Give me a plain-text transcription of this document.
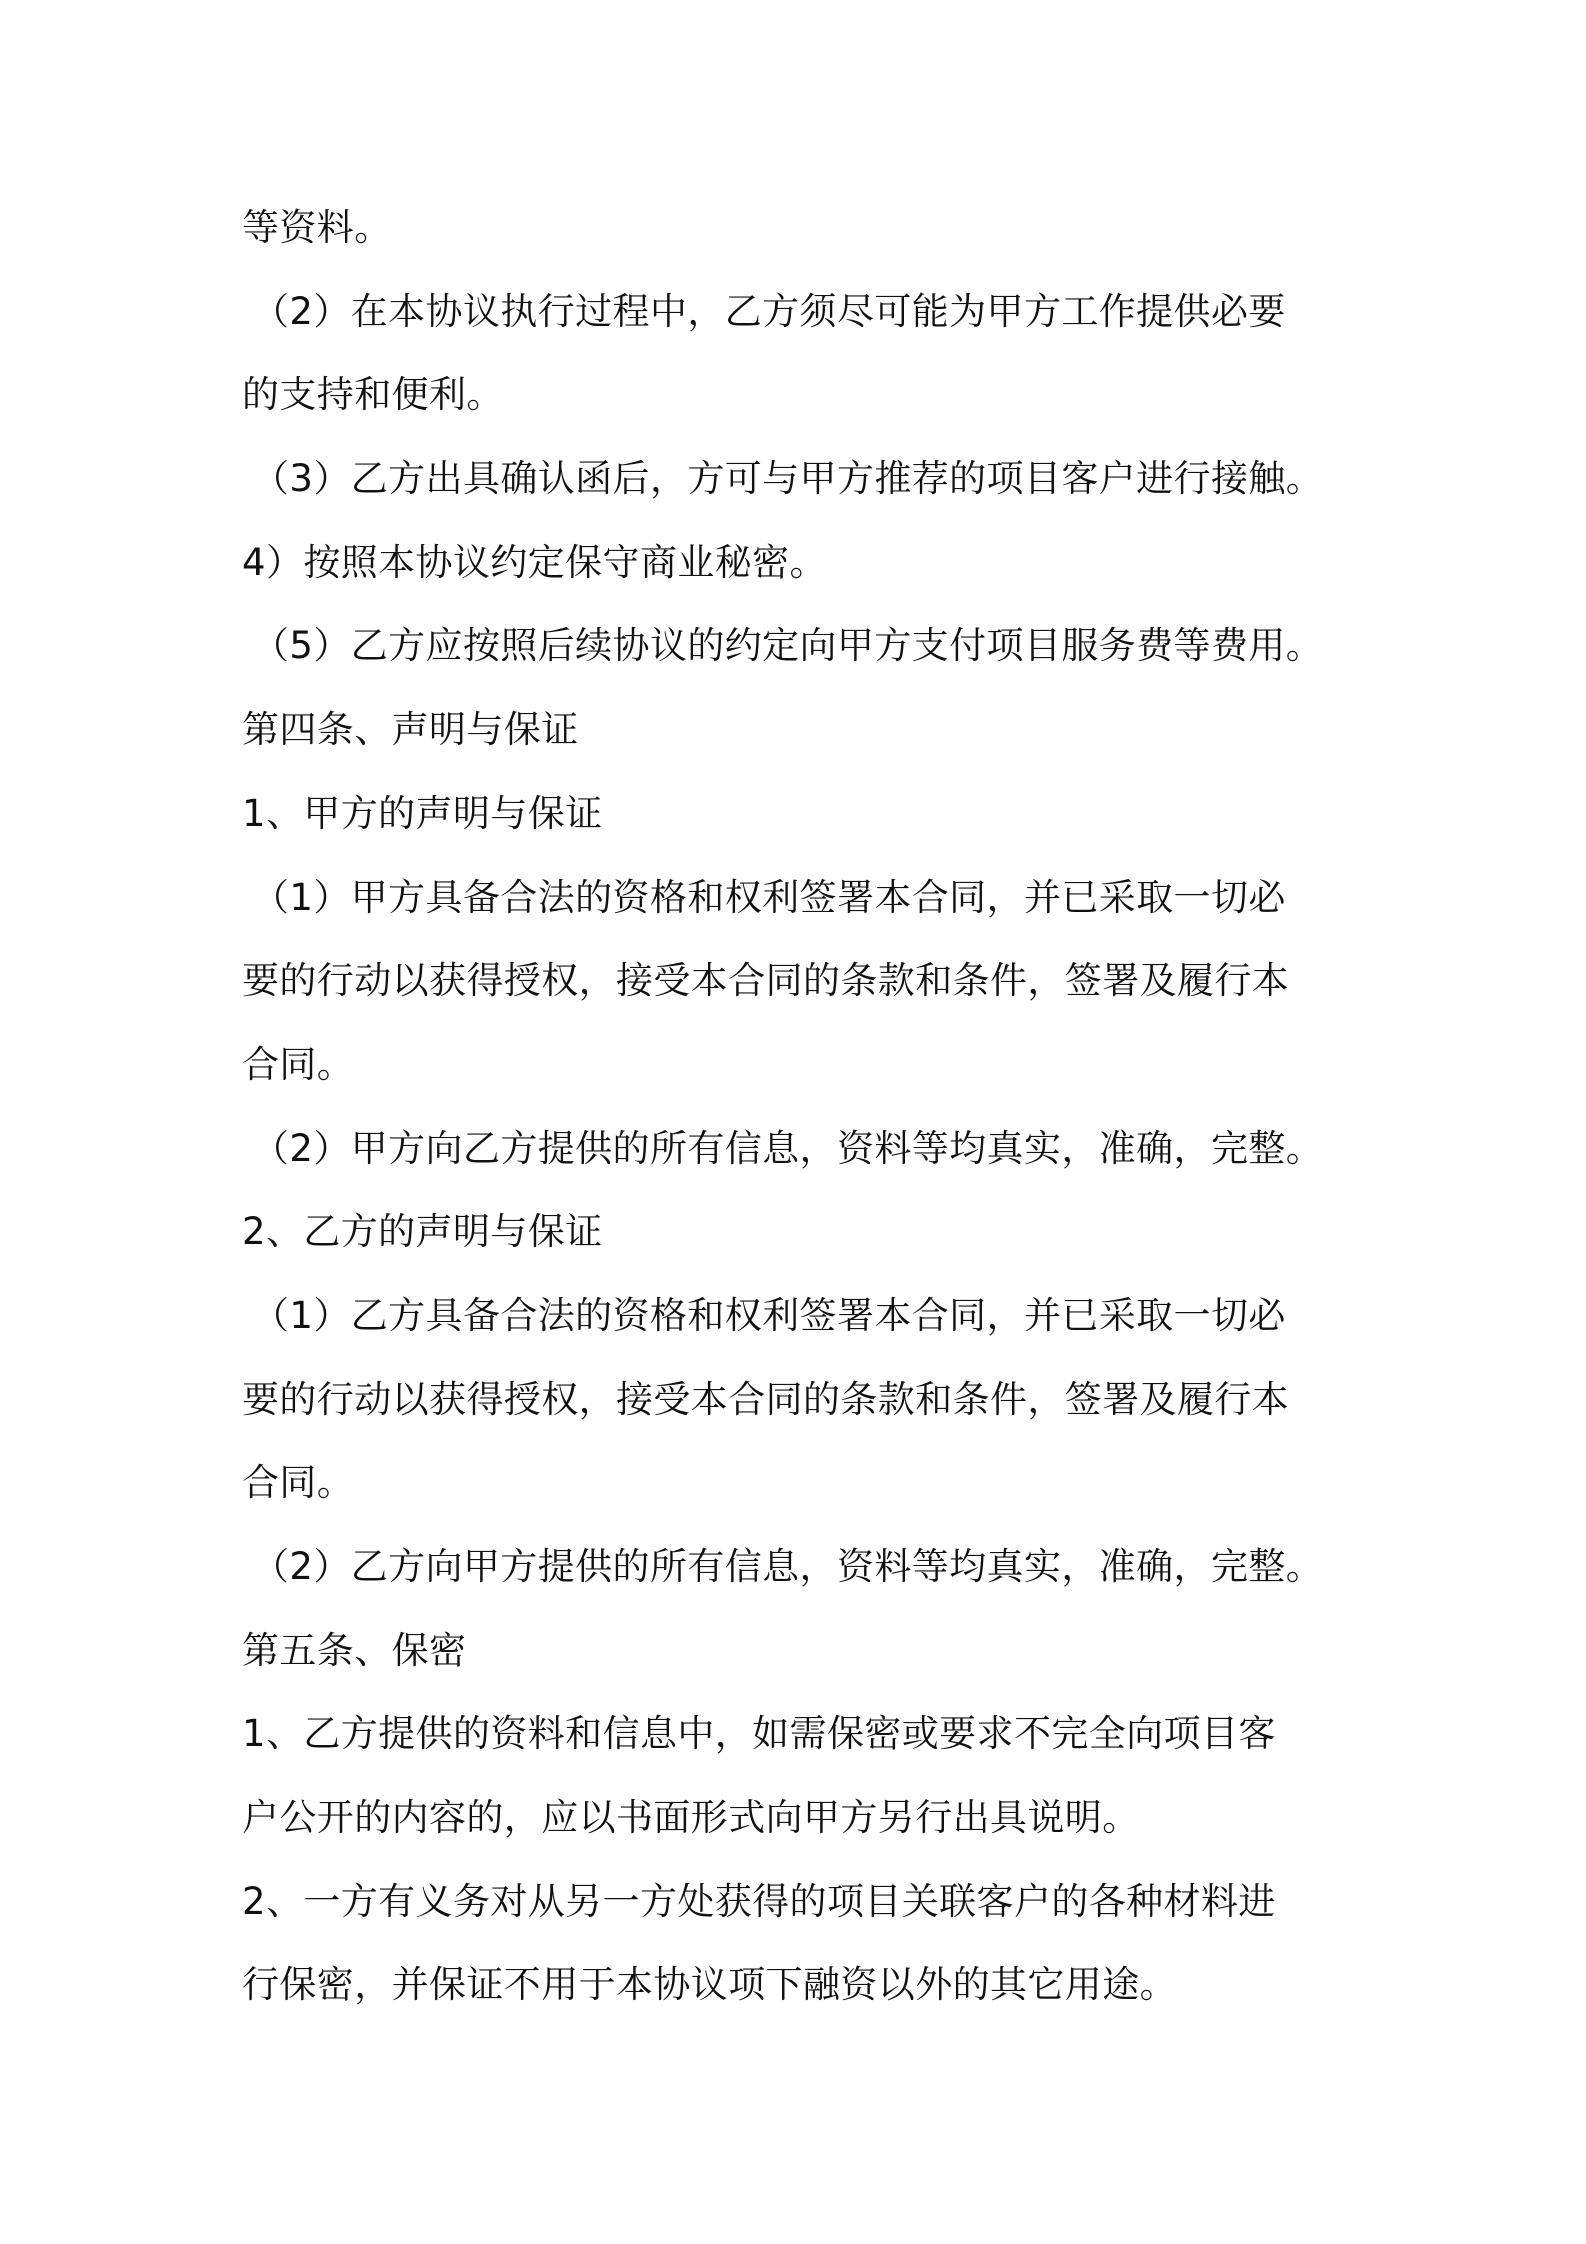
等资料。
（2）在本协议执行过程中，乙方须尽可能为甲方工作提供必要
的支持和便利。
（3）乙方出具确认函后，方可与甲方推荐的项目客户进行接触。
4）按照本协议约定保守商业秘密。
（5）乙方应按照后续协议的约定向甲方支付项目服务费等费用。
第四条、声明与保证
1、甲方的声明与保证
（1）甲方具备合法的资格和权利签署本合同，并已采取一切必
要的行动以获得授权，接受本合同的条款和条件，签署及履行本
合同。
（2）甲方向乙方提供的所有信息，资料等均真实，准确，完整。
2、乙方的声明与保证
（1）乙方具备合法的资格和权利签署本合同，并已采取一切必
要的行动以获得授权，接受本合同的条款和条件，签署及履行本
合同。
（2）乙方向甲方提供的所有信息，资料等均真实，准确，完整。
第五条、保密
1、乙方提供的资料和信息中，如需保密或要求不完全向项目客
户公开的内容的，应以书面形式向甲方另行出具说明。
2、一方有义务对从另一方处获得的项目关联客户的各种材料进
行保密，并保证不用于本协议项下融资以外的其它用途。
